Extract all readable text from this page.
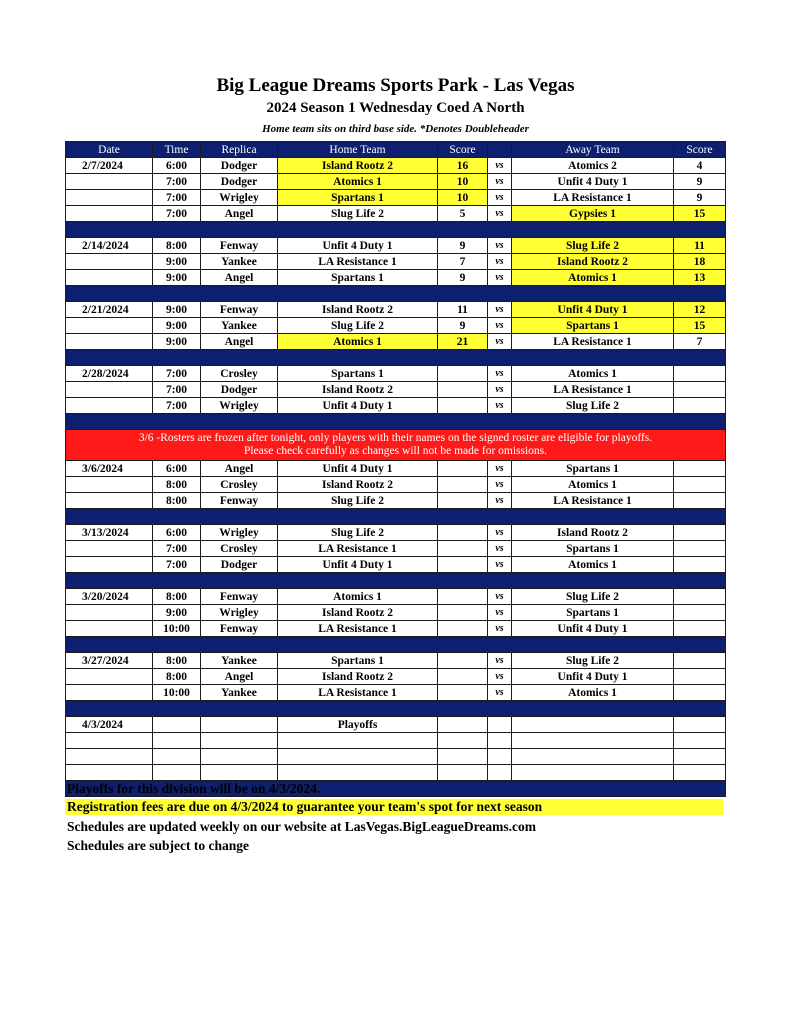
Big League Dreams Sports Park - Las Vegas
2024 Season 1 Wednesday Coed A North
Home team sits on third base side. *Denotes Doubleheader
Date	Time	Replica	Home Team	Score		Away Team	Score
2/7/2024	6:00	Dodger	Island Rootz 2	16	vs	Atomics 2	4
	7:00	Dodger	Atomics 1	10	vs	Unfit 4 Duty 1	9
	7:00	Wrigley	Spartans 1	10	vs	LA Resistance 1	9
	7:00	Angel	Slug Life 2	5	vs	Gypsies 1	15

2/14/2024	8:00	Fenway	Unfit 4 Duty 1	9	vs	Slug Life 2	11
	9:00	Yankee	LA Resistance 1	7	vs	Island Rootz 2	18
	9:00	Angel	Spartans 1	9	vs	Atomics 1	13

2/21/2024	9:00	Fenway	Island Rootz 2	11	vs	Unfit 4 Duty 1	12
	9:00	Yankee	Slug Life 2	9	vs	Spartans 1	15
	9:00	Angel	Atomics 1	21	vs	LA Resistance 1	7

2/28/2024	7:00	Crosley	Spartans 1		vs	Atomics 1	
	7:00	Dodger	Island Rootz 2		vs	LA Resistance 1	
	7:00	Wrigley	Unfit 4 Duty 1		vs	Slug Life 2	

3/6 -Rosters are frozen after tonight, only players with their names on the signed roster are eligible for playoffs.
Please check carefully as changes will not be made for omissions.							

3/6/2024	6:00	Angel	Unfit 4 Duty 1		vs	Spartans 1	
	8:00	Crosley	Island Rootz 2		vs	Atomics 1	
	8:00	Fenway	Slug Life 2		vs	LA Resistance 1	

3/13/2024	6:00	Wrigley	Slug Life 2		vs	Island Rootz 2	
	7:00	Crosley	LA Resistance 1		vs	Spartans 1	
	7:00	Dodger	Unfit 4 Duty 1		vs	Atomics 1	

3/20/2024	8:00	Fenway	Atomics 1		vs	Slug Life 2	
	9:00	Wrigley	Island Rootz 2		vs	Spartans 1	
	10:00	Fenway	LA Resistance 1		vs	Unfit 4 Duty 1	

3/27/2024	8:00	Yankee	Spartans 1		vs	Slug Life 2	
	8:00	Angel	Island Rootz 2		vs	Unfit 4 Duty 1	
	10:00	Yankee	LA Resistance 1		vs	Atomics 1	

4/3/2024			Playoffs				

Playoffs for this division will be on 4/3/2024.
Registration fees are due on 4/3/2024 to guarantee your team's spot for next season
Schedules are updated weekly on our website at LasVegas.BigLeagueDreams.com
Schedules are subject to change
